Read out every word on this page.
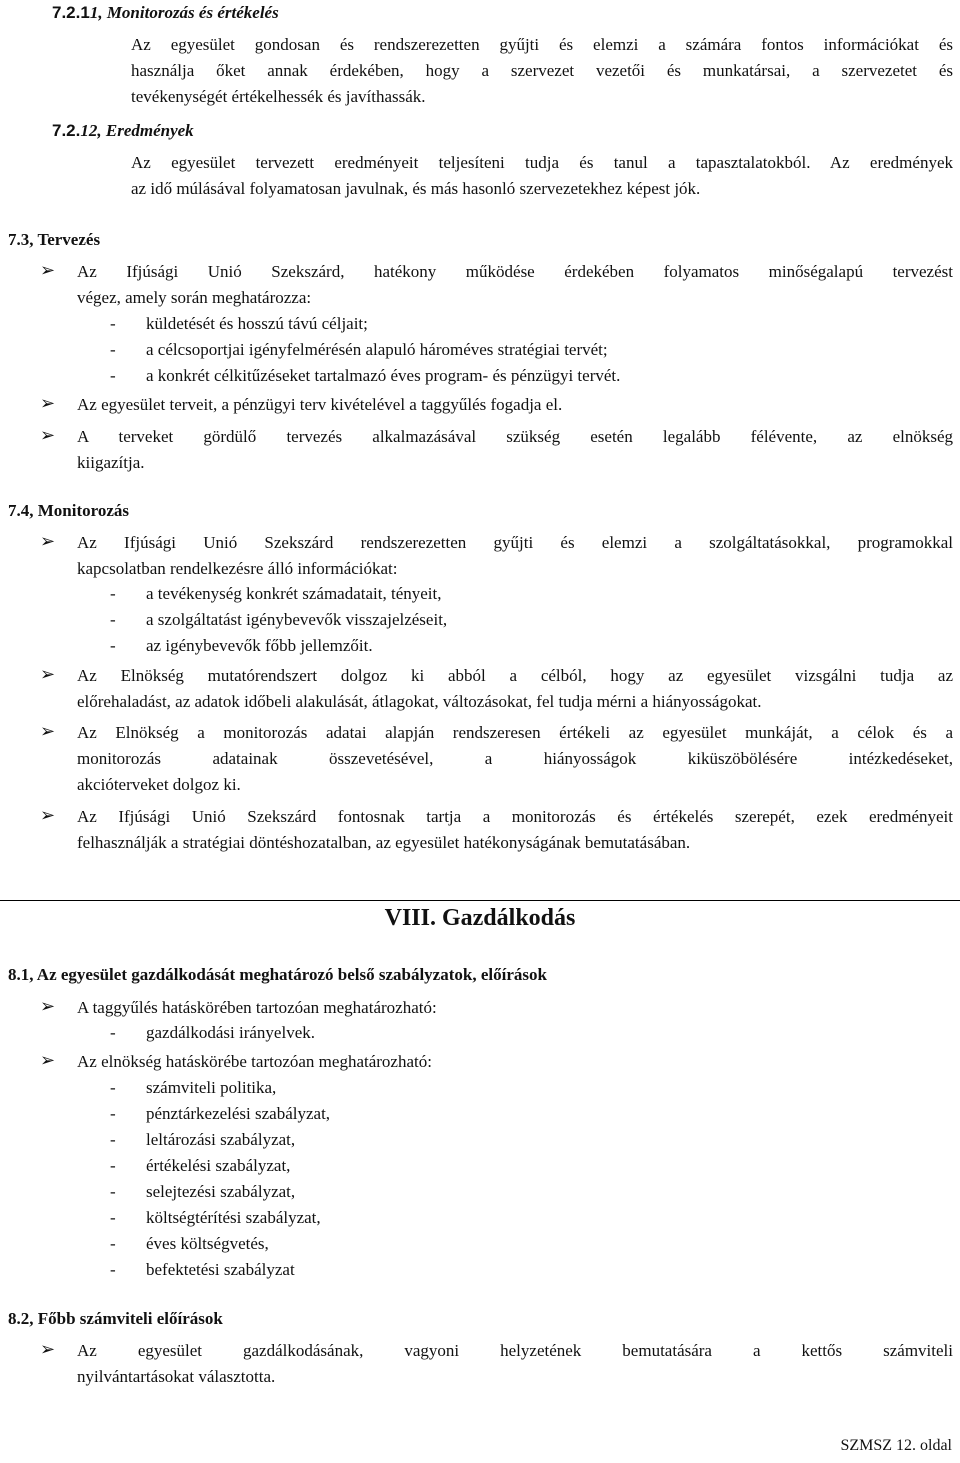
7.2.11, Monitorozás és értékelés
Az egyesület gondosan és rendszerezetten gyűjti és elemzi a számára fontos információkat és
használja őket annak érdekében, hogy a szervezet vezetői és munkatársai, a szervezetet és
tevékenységét értékelhessék és javíthassák.
7.2.12, Eredmények
Az egyesület tervezett eredményeit teljesíteni tudja és tanul a tapasztalatokból. Az eredmények
az idő múlásával folyamatosan javulnak, és más hasonló szervezetekhez képest jók.
7.3, Tervezés
➢
Az Ifjúsági Unió Szekszárd, hatékony működése érdekében folyamatos minőségalapú tervezést
végez, amely során meghatározza:
- küldetését és hosszú távú céljait;
- a célcsoportjai igényfelmérésén alapuló hároméves stratégiai tervét;
- a konkrét célkitűzéseket tartalmazó éves program- és pénzügyi tervét.
➢
Az egyesület terveit, a pénzügyi terv kivételével a taggyűlés fogadja el.
➢
A terveket gördülő tervezés alkalmazásával szükség esetén legalább félévente, az elnökség
kiigazítja.
7.4, Monitorozás
➢
Az Ifjúsági Unió Szekszárd rendszerezetten gyűjti és elemzi a szolgáltatásokkal, programokkal
kapcsolatban rendelkezésre álló információkat:
- a tevékenység konkrét számadatait, tényeit,
- a szolgáltatást igénybevevők visszajelzéseit,
- az igénybevevők főbb jellemzőit.
➢
Az Elnökség mutatórendszert dolgoz ki abból a célból, hogy az egyesület vizsgálni tudja az
előrehaladást, az adatok időbeli alakulását, átlagokat, változásokat, fel tudja mérni a hiányosságokat.
➢
Az Elnökség a monitorozás adatai alapján rendszeresen értékeli az egyesület munkáját, a célok és a
monitorozás adatainak összevetésével, a hiányosságok kiküszöbölésére intézkedéseket,
akcióterveket dolgoz ki.
➢
Az Ifjúsági Unió Szekszárd fontosnak tartja a monitorozás és értékelés szerepét, ezek eredményeit
felhasználják a stratégiai döntéshozatalban, az egyesület hatékonyságának bemutatásában.
VIII. Gazdálkodás
8.1, Az egyesület gazdálkodását meghatározó belső szabályzatok, előírások
➢
A taggyűlés hatáskörében tartozóan meghatározható:
- gazdálkodási irányelvek.
➢
Az elnökség hatáskörébe tartozóan meghatározható:
- számviteli politika,
- pénztárkezelési szabályzat,
- leltározási szabályzat,
- értékelési szabályzat,
- selejtezési szabályzat,
- költségtérítési szabályzat,
- éves költségvetés,
- befektetési szabályzat
8.2, Főbb számviteli előírások
➢
Az egyesület gazdálkodásának, vagyoni helyzetének bemutatására a kettős számviteli
nyilvántartásokat választotta.
SZMSZ 12. oldal
